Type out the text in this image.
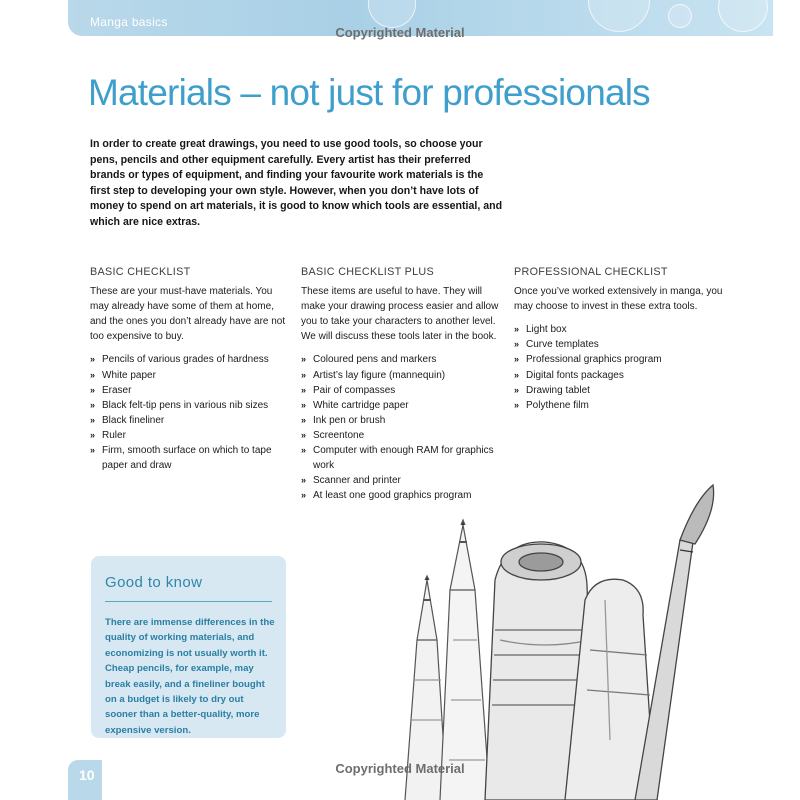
Manga basics
Copyrighted Material
Materials – not just for professionals

In order to create great drawings, you need to use good tools, so choose your pens, pencils and other equipment carefully. Every artist has their preferred brands or types of equipment, and finding your favourite work materials is the first step to developing your own style. However, when you don’t have lots of money to spend on art materials, it is good to know which tools are essential, and which are nice extras.

BASIC CHECKLIST

These are your must-have materials. You may already have some of them at home, and the ones you don’t already have are not too expensive to buy.

» Pencils of various grades of hardness
» White paper
» Eraser
» Black felt-tip pens in various nib sizes
» Black fineliner
» Ruler
» Firm, smooth surface on which to tape paper and draw
BASIC CHECKLIST PLUS

These items are useful to have. They will make your drawing process easier and allow you to take your characters to another level. We will discuss these tools later in the book.

» Coloured pens and markers
» Artist’s lay figure (mannequin)
» Pair of compasses
» White cartridge paper
» Ink pen or brush
» Screentone
» Computer with enough RAM for graphics work
» Scanner and printer
» At least one good graphics program
PROFESSIONAL CHECKLIST

Once you’ve worked extensively in manga, you may choose to invest in these extra tools.

» Light box
» Curve templates
» Professional graphics program
» Digital fonts packages
» Drawing tablet
» Polythene film
Good to know
There are immense differences in the quality of working materials, and economizing is not usually worth it. Cheap pencils, for example, may break easily, and a fineliner bought on a budget is likely to dry out sooner than a better-quality, more expensive version.
Copyrighted Material
10
